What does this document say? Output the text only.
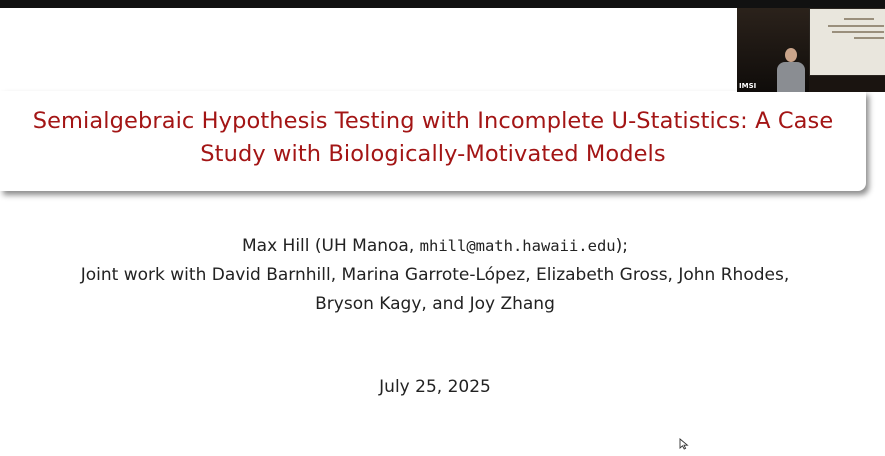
Semialgebraic Hypothesis Testing with Incomplete U-Statistics: A Case
Study with Biologically-Motivated Models
Max Hill (UH Manoa, mhill@math.hawaii.edu);
Joint work with David Barnhill, Marina Garrote-López, Elizabeth Gross, John Rhodes,
Bryson Kagy, and Joy Zhang
July 25, 2025
IMSI
